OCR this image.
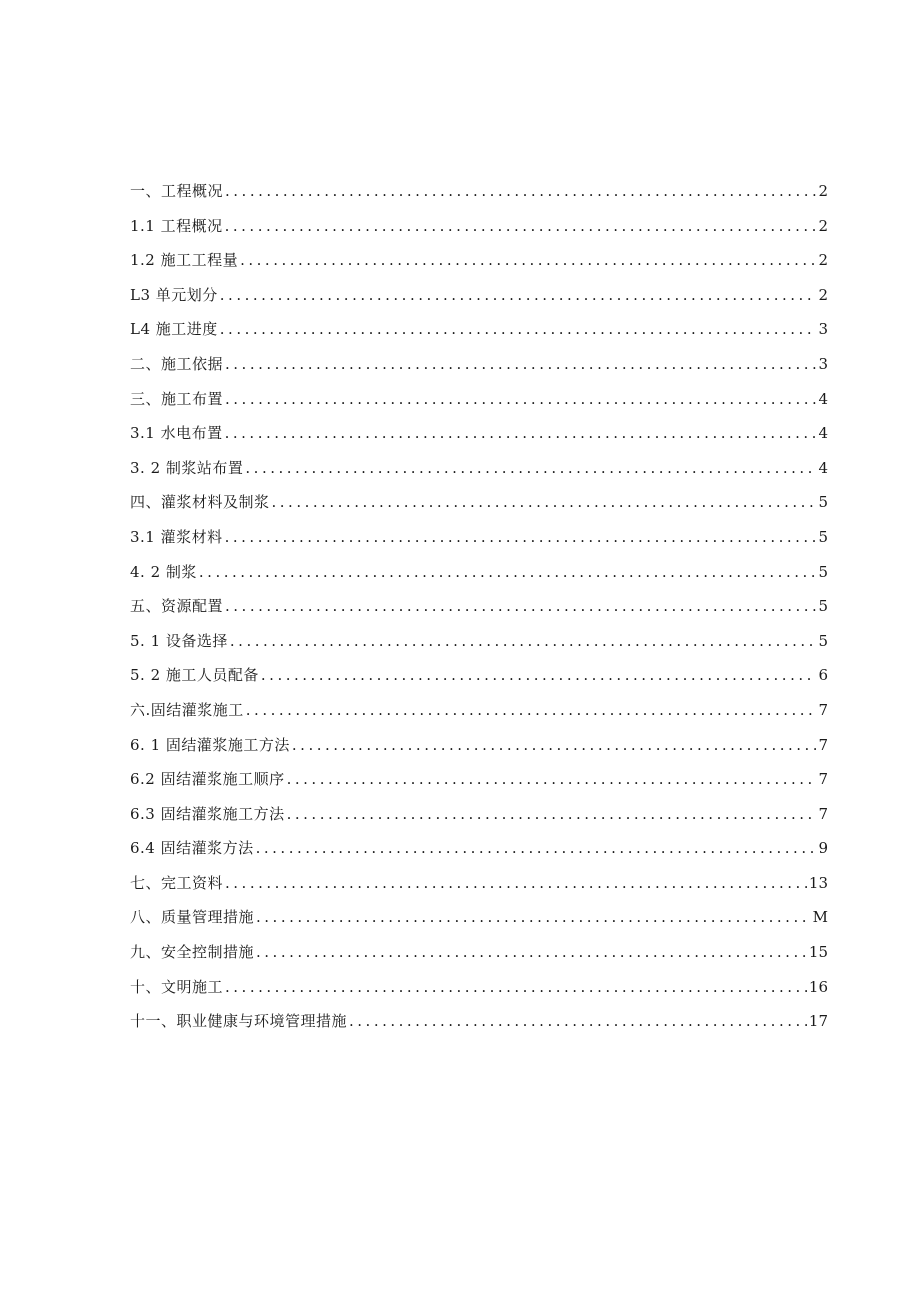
一、工程概况 .....	2
1.1 工程概况 .....	2
1.2 施工工程量 .....	2
L3 单元划分 .....	2
L4 施工进度 .....	3
二、施工依据 .....	3
三、施工布置 .....	4
3.1 水电布置 .....	4
3. 2 制浆站布置 .....	4
四、灌浆材料及制浆 .....	5
3.1 灌浆材料 .....	5
4. 2 制浆 .....	5
五、资源配置 .....	5
5. 1 设备选择 .....	5
5. 2 施工人员配备 .....	6
六.固结灌浆施工 .....	7
6. 1 固结灌浆施工方法 .....	7
6.2 固结灌浆施工顺序 .....	7
6.3 固结灌浆施工方法 .....	7
6.4 固结灌浆方法 .....	9
七、完工资料 .....	13
八、质量管理措施 .....	M
九、安全控制措施 .....	15
十、文明施工 .....	16
十一、职业健康与环境管理措施 .....	17
